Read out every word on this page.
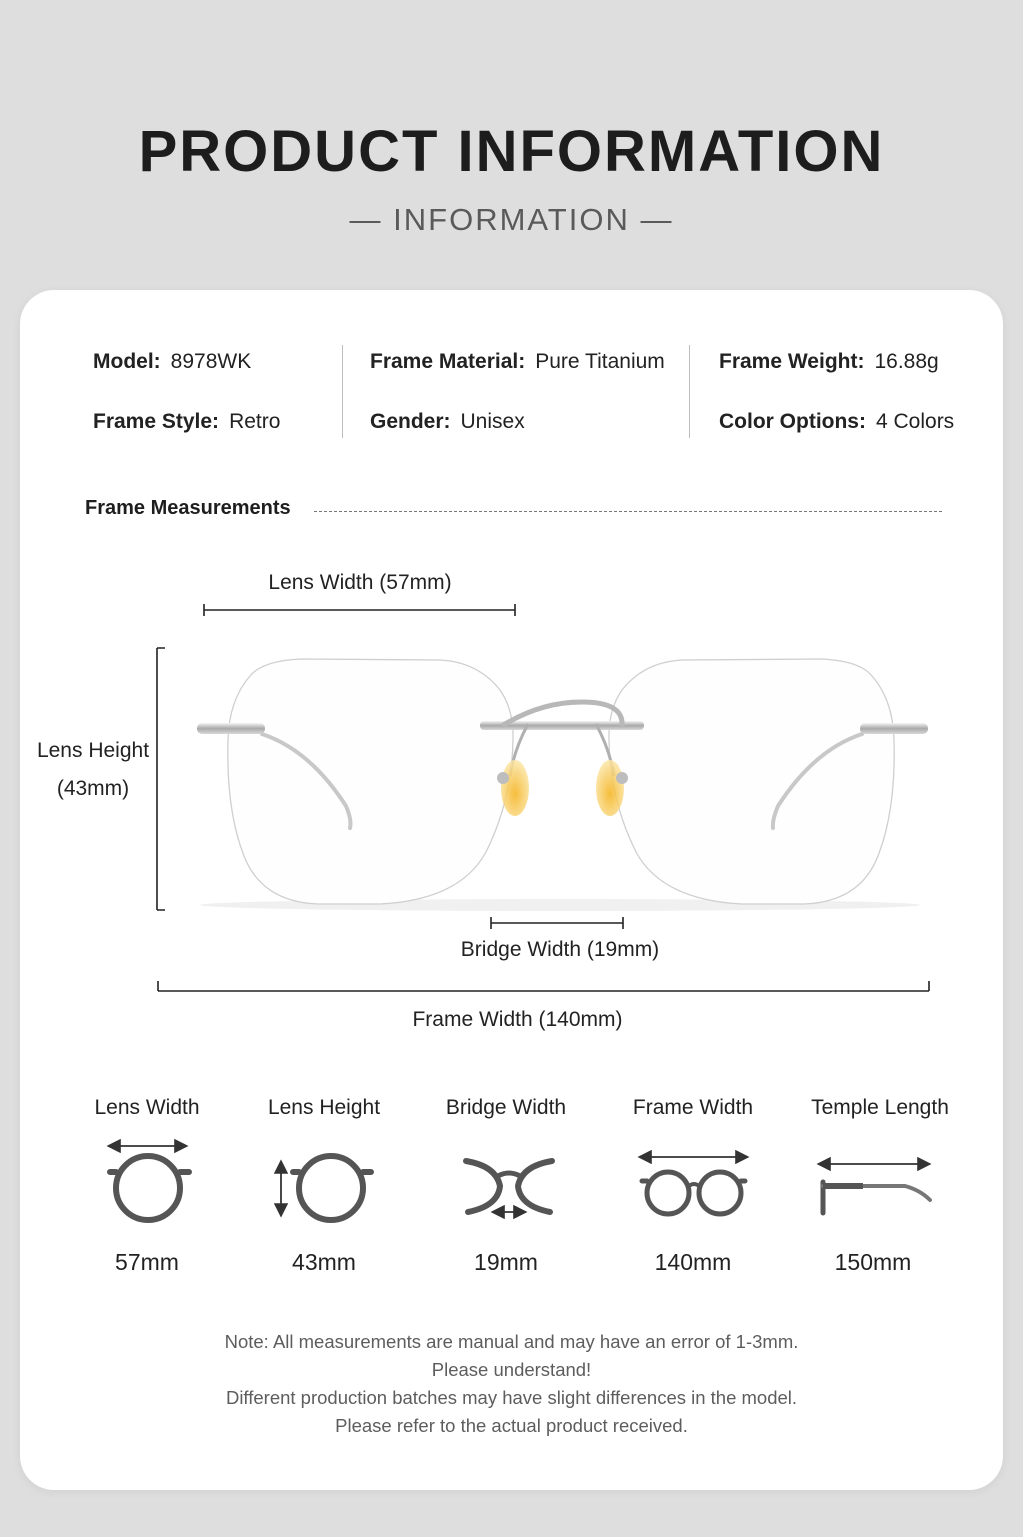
PRODUCT INFORMATION
— INFORMATION —
Model: 8978WK
Frame Style: Retro
Frame Material: Pure Titanium
Gender: Unisex
Frame Weight: 16.88g
Color Options: 4 Colors
Frame Measurements
Lens Width (57mm)
Lens Height
(43mm)
Bridge Width (19mm)
Frame Width (140mm)
Lens Width
57mm
Lens Height
43mm
Bridge Width
19mm
Frame Width
140mm
Temple Length
150mm
Note: All measurements are manual and may have an error of 1-3mm.
Please understand!
Different production batches may have slight differences in the model.
Please refer to the actual product received.
